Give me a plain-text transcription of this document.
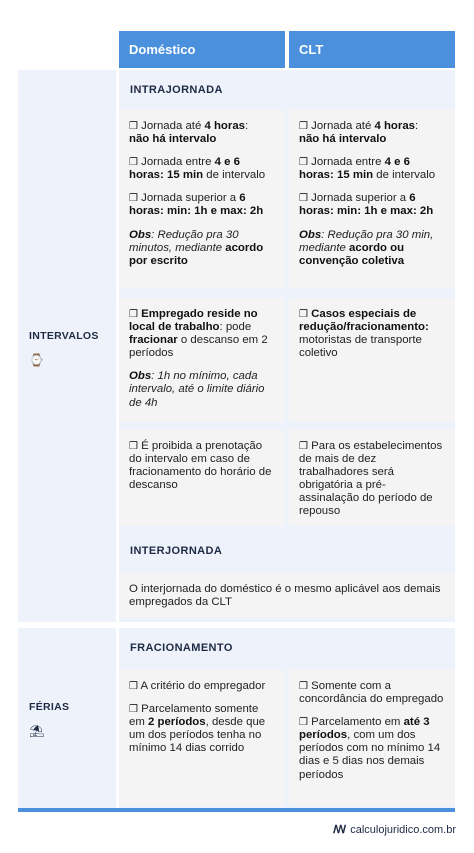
Doméstico	CLT
INTERVALOS
⌚
INTRAJORNADA

❒ Jornada até 4 horas:
não há intervalo

❒ Jornada entre 4 e 6 horas: 15 min de intervalo

❒ Jornada superior a 6 horas: min: 1h e max: 2h

Obs: Redução pra 30 minutos, mediante acordo por escrito

❒ Jornada até 4 horas:
não há intervalo

❒ Jornada entre 4 e 6 horas: 15 min de intervalo

❒ Jornada superior a 6 horas: min: 1h e max: 2h

Obs: Redução pra 30 min, mediante acordo ou convenção coletiva

❒ Empregado reside no local de trabalho: pode fracionar o descanso em 2 períodos

Obs: 1h no mínimo, cada intervalo, até o limite diário de 4h

❒ Casos especiais de redução/fracionamento: motoristas de transporte coletivo

❒ É proibida a prenotação do intervalo em caso de fracionamento do horário de descanso

❒ Para os estabelecimentos de mais de dez trabalhadores será obrigatória a pré-assinalação do período de repouso

INTERJORNADA
O interjornada do doméstico é o mesmo aplicável aos demais empregados da CLT
FÉRIAS
⛱
FRACIONAMENTO

❒ A critério do empregador

❒ Parcelamento somente em 2 períodos, desde que um dos períodos tenha no mínimo 14 dias corrido

❒ Somente com a concordância do empregado

❒ Parcelamento em até 3 períodos, com um dos períodos com no mínimo 14 dias e 5 dias nos demais períodos

ꟿ calculojuridico.com.br
